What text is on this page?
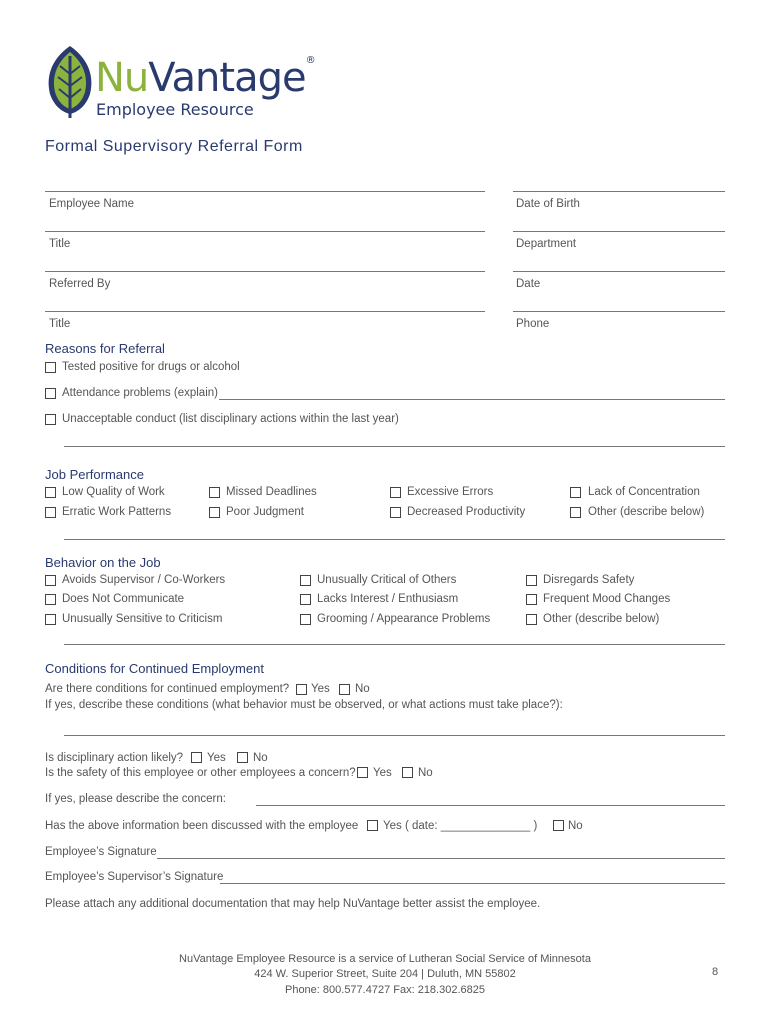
NuVantage®
Employee Resource
Formal Supervisory Referral Form
Employee Name	Date of Birth
Title	Department
Referred By	Date
Title	Phone
Reasons for Referral
Tested positive for drugs or alcohol
Attendance problems (explain)
Unacceptable conduct (list disciplinary actions within the last year)
Job Performance
Low Quality of Work	Missed Deadlines	Excessive Errors	Lack of Concentration
Erratic Work Patterns	Poor Judgment	Decreased Productivity	Other (describe below)
Behavior on the Job
Avoids Supervisor / Co-Workers	Unusually Critical of Others	Disregards Safety
Does Not Communicate	Lacks Interest / Enthusiasm	Frequent Mood Changes
Unusually Sensitive to Criticism	Grooming / Appearance Problems	Other (describe below)
Conditions for Continued Employment
Are there conditions for continued employment? Yes No
If yes, describe these conditions (what behavior must be observed, or what actions must take place?):
Is disciplinary action likely? Yes No
Is the safety of this employee or other employees a concern? Yes No
If yes, please describe the concern:
Has the above information been discussed with the employee Yes ( date: ______________ )	No
Employee’s Signature
Employee’s Supervisor’s Signature
Please attach any additional documentation that may help NuVantage better assist the employee.
NuVantage Employee Resource is a service of Lutheran Social Service of Minnesota
424 W. Superior Street, Suite 204 | Duluth, MN 55802
Phone: 800.577.4727 Fax: 218.302.6825
8
